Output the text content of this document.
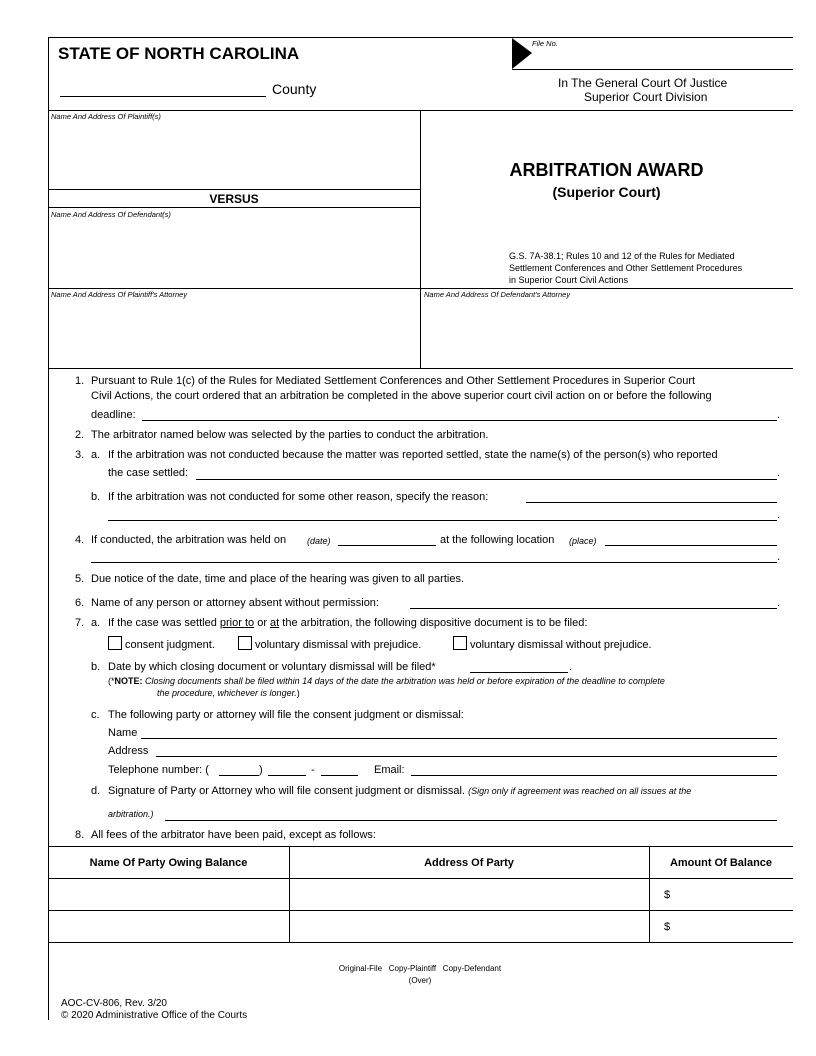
STATE OF NORTH CAROLINA
County
File No.
In The General Court Of Justice
Superior Court Division
Name And Address Of Plaintiff(s)
VERSUS
Name And Address Of Defendant(s)
ARBITRATION AWARD
(Superior Court)
G.S. 7A-38.1; Rules 10 and 12 of the Rules for Mediated
Settlement Conferences and Other Settlement Procedures
in Superior Court Civil Actions
Name And Address Of Plaintiff's Attorney	Name And Address Of Defendant's Attorney
1. Pursuant to Rule 1(c) of the Rules for Mediated Settlement Conferences and Other Settlement Procedures in Superior Court
Civil Actions, the court ordered that an arbitration be completed in the above superior court civil action on or before the following
deadline:	.
2. The arbitrator named below was selected by the parties to conduct the arbitration.
3. a. If the arbitration was not conducted because the matter was reported settled, state the name(s) of the person(s) who reported
the case settled:	.
b. If the arbitration was not conducted for some other reason, specify the reason:
.
4. If conducted, the arbitration was held on (date)	at the following location (place)
.
5. Due notice of the date, time and place of the hearing was given to all parties.
6. Name of any person or attorney absent without permission:	.
7. a. If the case was settled prior to or at the arbitration, the following dispositive document is to be filed:
consent judgment.	voluntary dismissal with prejudice.	voluntary dismissal without prejudice.
b. Date by which closing document or voluntary dismissal will be filed*	.
(*NOTE: Closing documents shall be filed within 14 days of the date the arbitration was held or before expiration of the deadline to complete
the procedure, whichever is longer.)
c. The following party or attorney will file the consent judgment or dismissal:
Name
Address
Telephone number: (	)	-	Email:
d. Signature of Party or Attorney who will file consent judgment or dismissal. (Sign only if agreement was reached on all issues at the
arbitration.)
8. All fees of the arbitrator have been paid, except as follows:
Name Of Party Owing Balance	Address Of Party	Amount Of Balance
$
$
Original-File   Copy-Plaintiff   Copy-Defendant
(Over)
AOC-CV-806, Rev. 3/20
© 2020 Administrative Office of the Courts
